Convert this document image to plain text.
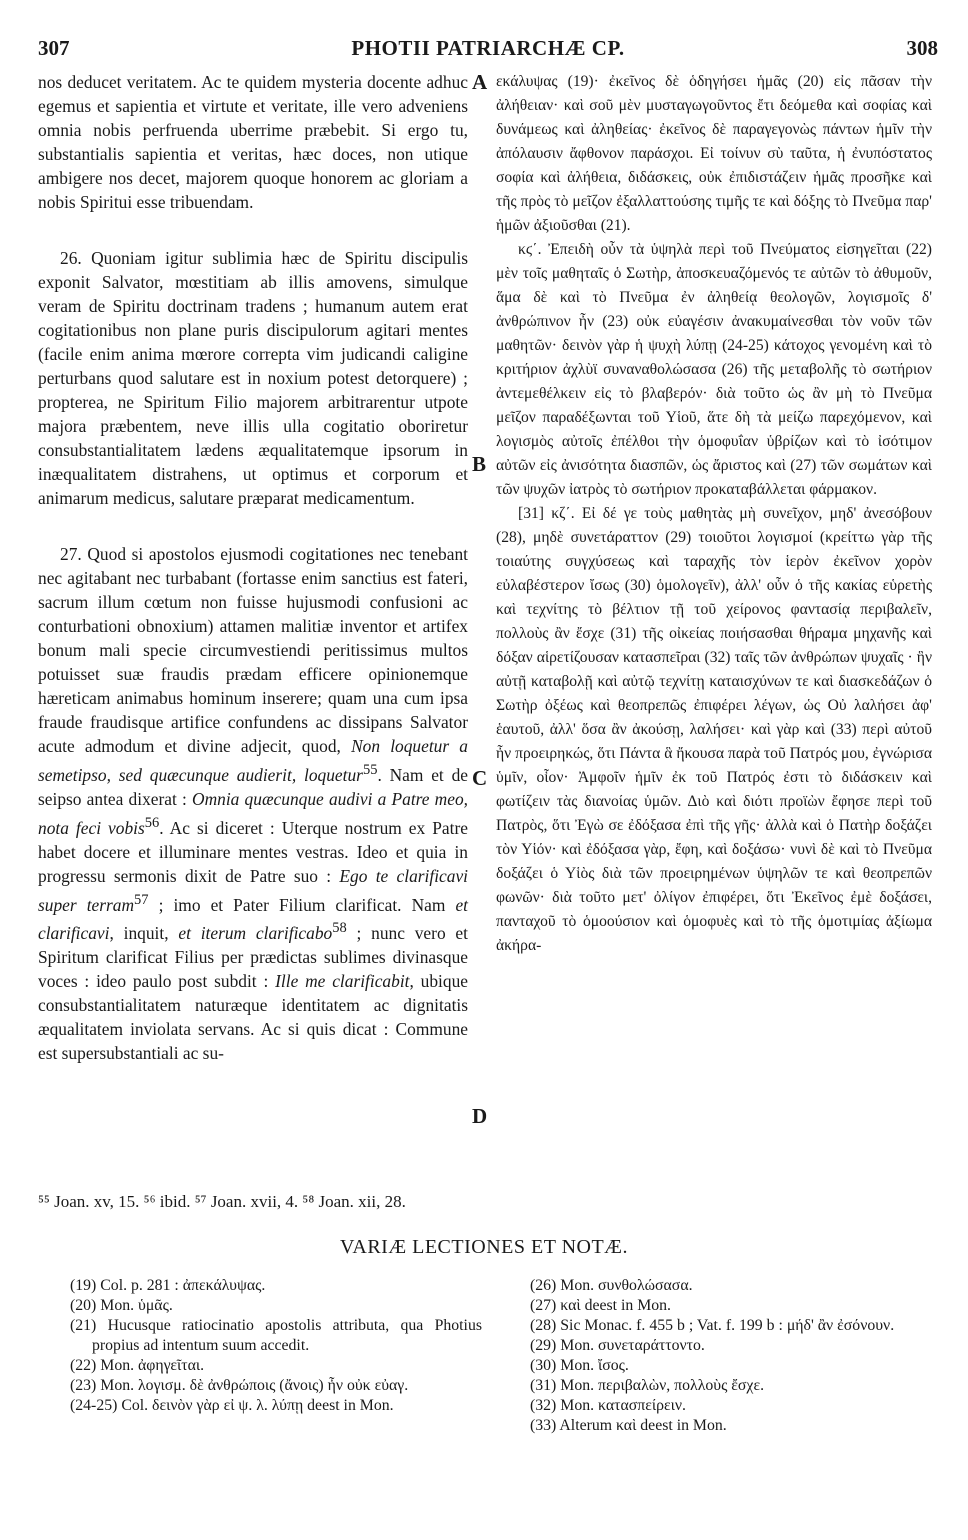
307	PHOTII PATRIARCHÆ CP.	308

nos deducet veritatem. Ac te quidem mysteria docente adhuc egemus et sapientia et virtute et veritate, ille vero adveniens omnia nobis perfruenda uberrime præbebit. Si ergo tu, substantialis sapientia et veritas, hæc doces, non utique ambigere nos decet, majorem quoque honorem ac gloriam a nobis Spiritui esse tribuendam.

26. Quoniam igitur sublimia hæc de Spiritu discipulis exponit Salvator, mœstitiam ab illis amovens, simulque veram de Spiritu doctrinam tradens ; humanum autem erat cogitationibus non plane puris discipulorum agitari mentes (facile enim anima mœrore correpta vim judicandi caligine perturbans quod salutare est in noxium potest detorquere) ; propterea, ne Spiritum Filio majorem arbitrarentur utpote majora præbentem, neve illis ulla cogitatio oboriretur consubstantialitatem lædens æqualitatemque ipsorum in inæqualitatem distrahens, ut optimus et corporum et animarum medicus, salutare præparat medicamentum.

27. Quod si apostolos ejusmodi cogitationes nec tenebant nec agitabant nec turbabant (fortasse enim sanctius est fateri, sacrum illum cœtum non fuisse hujusmodi confusioni ac conturbationi obnoxium) attamen malitiæ inventor et artifex bonum mali specie circumvestiendi peritissimus multos potuisset suæ fraudis prædam efficere opinionemque hæreticam animabus hominum inserere; quam una cum ipsa fraude fraudisque artifice confundens ac dissipans Salvator acute admodum et divine adjecit, quod, Non loquetur a semetipso, sed quæcunque audierit, loquetur$^{55}$. Nam et de seipso antea dixerat : Omnia quæcunque audivi a Patre meo, nota feci vobis$^{56}$. Ac si diceret : Uterque nostrum ex Patre habet docere et illuminare mentes vestras. Ideo et quia in progressu sermonis dixit de Patre suo : Ego te clarificavi super terram$^{57}$ ; imo et Pater Filium clarificat. Nam et clarificavi, inquit, et iterum clarificabo$^{58}$ ; nunc vero et Spiritum clarificat Filius per prædictas sublimes divinasque voces : ideo paulo post subdit : Ille me clarificabit, ubique consubstantialitatem naturæque identitatem ac dignitatis æqualitatem inviolata servans. Ac si quis dicat : Commune est supersubstantiali ac su-

A
B
C
D

εκάλυψας (19)· ἐκεῖνος δὲ ὁδηγήσει ἡμᾶς (20) εἰς πᾶσαν τὴν ἀλήθειαν· καὶ σοῦ μὲν μυσταγωγοῦντος ἔτι δεόμεθα καὶ σοφίας καὶ δυνάμεως καὶ ἀληθείας· ἐκεῖνος δὲ παραγεγονὼς πάντων ἡμῖν τὴν ἀπόλαυσιν ἄφθονον παράσχοι. Εἰ τοίνυν σὺ ταῦτα, ἡ ἐνυπόστατος σοφία καὶ ἀλήθεια, διδάσκεις, οὐκ ἐπιδιστάζειν ἡμᾶς προσῆκε καὶ τῆς πρὸς τὸ μεῖζον ἐξαλλαττούσης τιμῆς τε καὶ δόξης τὸ Πνεῦμα παρ' ἡμῶν ἀξιοῦσθαι (21).

κϛ΄. Ἐπειδὴ οὖν τὰ ὑψηλὰ περὶ τοῦ Πνεύματος εἰσηγεῖται (22) μὲν τοῖς μαθηταῖς ὁ Σωτὴρ, ἀποσκευαζόμενός τε αὐτῶν τὸ ἀθυμοῦν, ἅμα δὲ καὶ τὸ Πνεῦμα ἐν ἀληθείᾳ θεολογῶν, λογισμοῖς δ' ἀνθρώπινον ἦν (23) οὐκ εὐαγέσιν ἀνακυμαίνεσθαι τὸν νοῦν τῶν μαθητῶν· δεινὸν γὰρ ἡ ψυχὴ λύπῃ (24-25) κάτοχος γενομένη καὶ τὸ κριτήριον ἀχλὺϊ συναναθολώσασα (26) τῆς μεταβολῆς τὸ σωτήριον ἀντεμεθέλκειν εἰς τὸ βλαβερόν· διὰ τοῦτο ὡς ἂν μὴ τὸ Πνεῦμα μεῖζον παραδέξωνται τοῦ Υἱοῦ, ἅτε δὴ τὰ μείζω παρεχόμενον, καὶ λογισμὸς αὐτοῖς ἐπέλθοι τὴν ὁμοφυΐαν ὑβρίζων καὶ τὸ ἰσότιμον αὐτῶν εἰς ἀνισότητα διασπῶν, ὡς ἄριστος καὶ (27) τῶν σωμάτων καὶ τῶν ψυχῶν ἰατρὸς τὸ σωτήριον προκαταβάλλεται φάρμακον.

[31] κζ΄. Εἰ δέ γε τοὺς μαθητὰς μὴ συνεῖχον, μηδ' ἀνεσόβουν (28), μηδὲ συνετάραττον (29) τοιοῦτοι λογισμοί (κρείττω γὰρ τῆς τοιαύτης συγχύσεως καὶ ταραχῆς τὸν ἱερὸν ἐκεῖνον χορὸν εὐλαβέστερον ἴσως (30) ὁμολογεῖν), ἀλλ' οὖν ὁ τῆς κακίας εὑρετὴς καὶ τεχνίτης τὸ βέλτιον τῇ τοῦ χείρονος φαντασίᾳ περιβαλεῖν, πολλοὺς ἂν ἔσχε (31) τῆς οἰκείας ποιήσασθαι θήραμα μηχανῆς καὶ δόξαν αἱρετίζουσαν κατασπεῖραι (32) ταῖς τῶν ἀνθρώπων ψυχαῖς · ἣν αὐτῇ καταβολῇ καὶ αὐτῷ τεχνίτῃ καταισχύνων τε καὶ διασκεδάζων ὁ Σωτὴρ ὀξέως καὶ θεοπρεπῶς ἐπιφέρει λέγων, ὡς Οὐ λαλήσει ἀφ' ἑαυτοῦ, ἀλλ' ὅσα ἂν ἀκούσῃ, λαλήσει· καὶ γὰρ καὶ (33) περὶ αὐτοῦ ἦν προειρηκώς, ὅτι Πάντα ἃ ἤκουσα παρὰ τοῦ Πατρός μου, ἐγνώρισα ὑμῖν, οἷον· Ἀμφοῖν ἡμῖν ἐκ τοῦ Πατρός ἐστι τὸ διδάσκειν καὶ φωτίζειν τὰς διανοίας ὑμῶν. Διὸ καὶ διότι προϊὼν ἔφησε περὶ τοῦ Πατρὸς, ὅτι Ἐγὼ σε ἐδόξασα ἐπὶ τῆς γῆς· ἀλλὰ καὶ ὁ Πατὴρ δοξάζει τὸν Υἱόν· καὶ ἐδόξασα γὰρ, ἔφη, καὶ δοξάσω· νυνὶ δὲ καὶ τὸ Πνεῦμα δοξάζει ὁ Υἱὸς διὰ τῶν προειρημένων ὑψηλῶν τε καὶ θεοπρεπῶν φωνῶν· διὰ τοῦτο μετ' ὀλίγον ἐπιφέρει, ὅτι Ἐκεῖνος ἐμὲ δοξάσει, πανταχοῦ τὸ ὁμοούσιον καὶ ὁμοφυὲς καὶ τὸ τῆς ὁμοτιμίας ἀξίωμα ἀκήρα-

⁵⁵ Joan. xv, 15. ⁵⁶ ibid. ⁵⁷ Joan. xvii, 4. ⁵⁸ Joan. xii, 28.
VARIÆ LECTIONES ET NOTÆ.
(19) Col. p. 281 : ἀπεκάλυψας.
(20) Mon. ὑμᾶς.
(21) Hucusque ratiocinatio apostolis attributa, qua Photius propius ad intentum suum accedit.
(22) Mon. ἀφηγεῖται.
(23) Mon. λογισμ. δὲ ἀνθρώποις (ἄνοις) ἦν οὐκ εὐαγ.
(24-25) Col. δεινὸν γὰρ εἰ ψ. λ. λύπῃ deest in Mon.
(26) Mon. συνθολώσασα.
(27) καὶ deest in Mon.
(28) Sic Monac. f. 455 b ; Vat. f. 199 b : μήδ' ἂν ἐσόνουν.
(29) Mon. συνεταράττοντο.
(30) Mon. ἴσος.
(31) Mon. περιβαλὼν, πολλοὺς ἔσχε.
(32) Mon. κατασπείρειν.
(33) Alterum καὶ deest in Mon.
